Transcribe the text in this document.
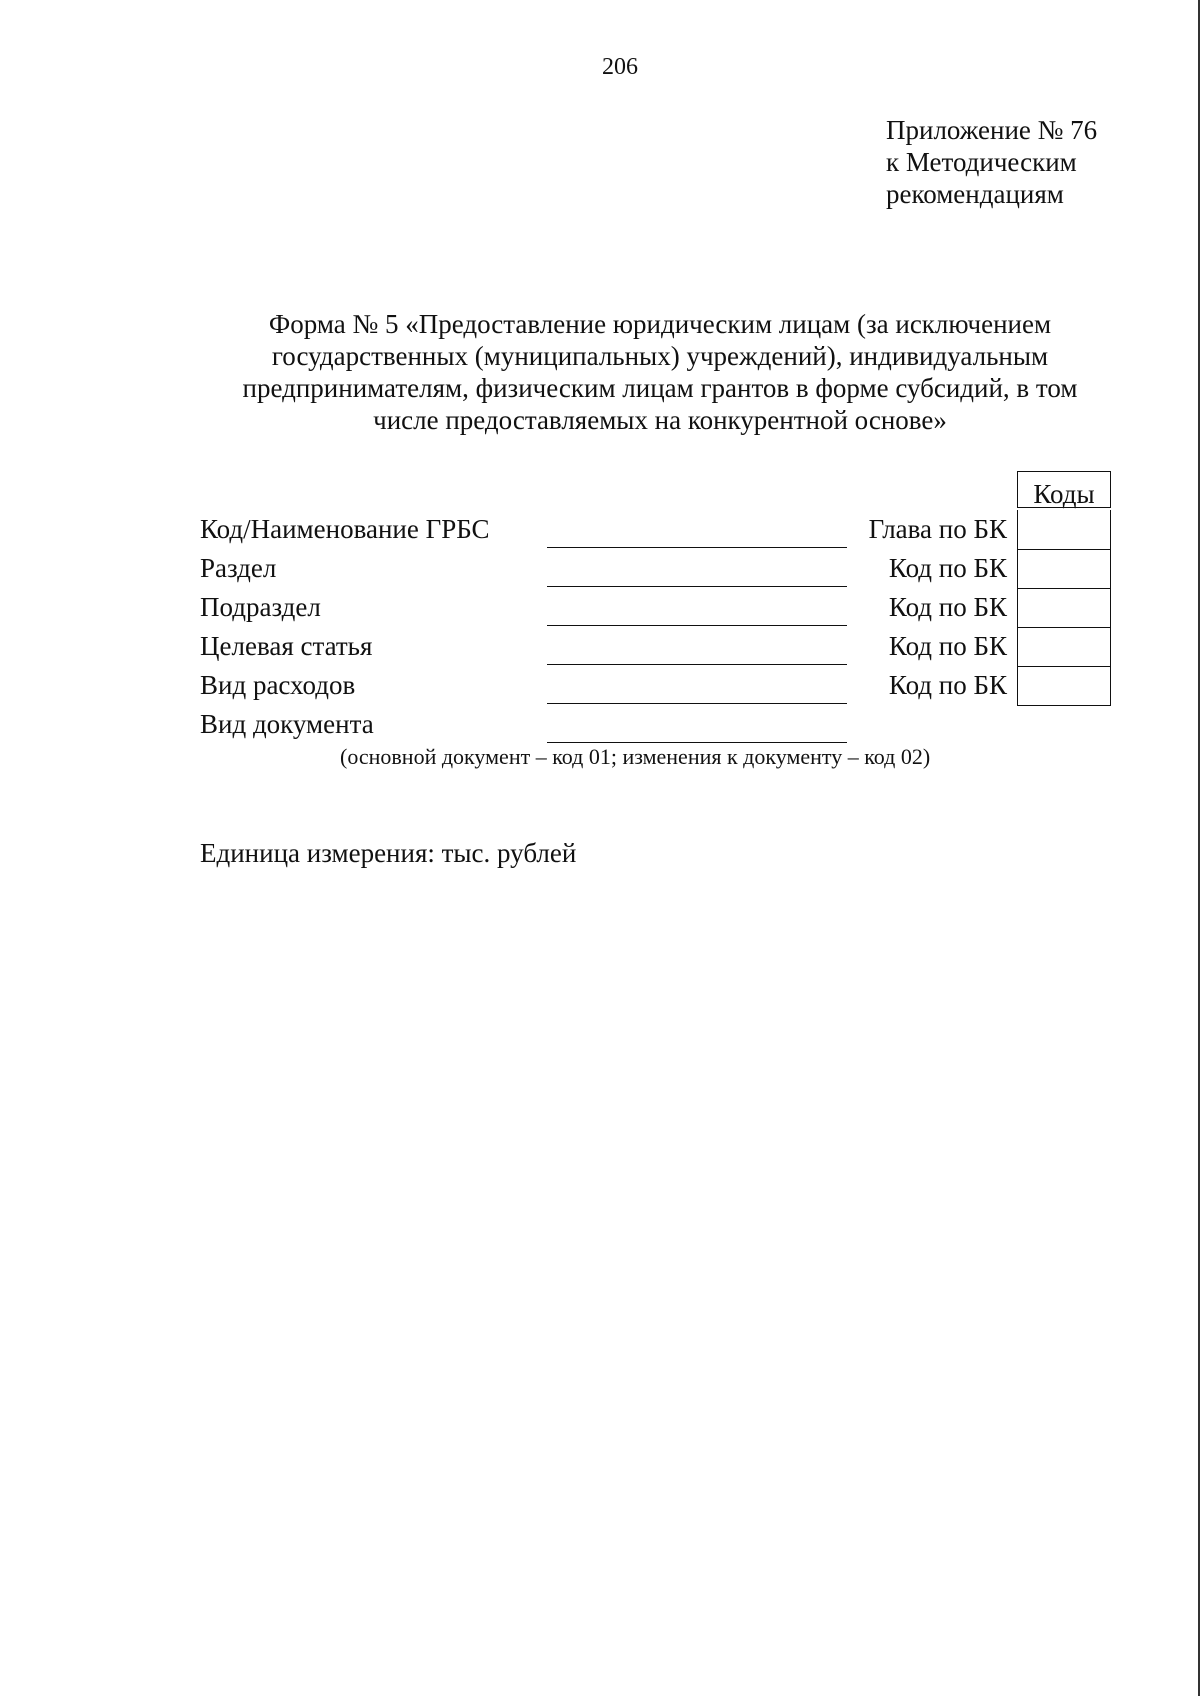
206
Приложение № 76
к Методическим
рекомендациям
Форма № 5 «Предоставление юридическим лицам (за исключением
государственных (муниципальных) учреждений), индивидуальным
предпринимателям, физическим лицам грантов в форме субсидий, в том
числе предоставляемых на конкурентной основе»
Коды
Код/Наименование ГРБС	Глава по БК
Раздел	Код по БК
Подраздел	Код по БК
Целевая статья	Код по БК
Вид расходов	Код по БК
Вид документа
(основной документ – код 01; изменения к документу – код 02)
Единица измерения: тыс. рублей
